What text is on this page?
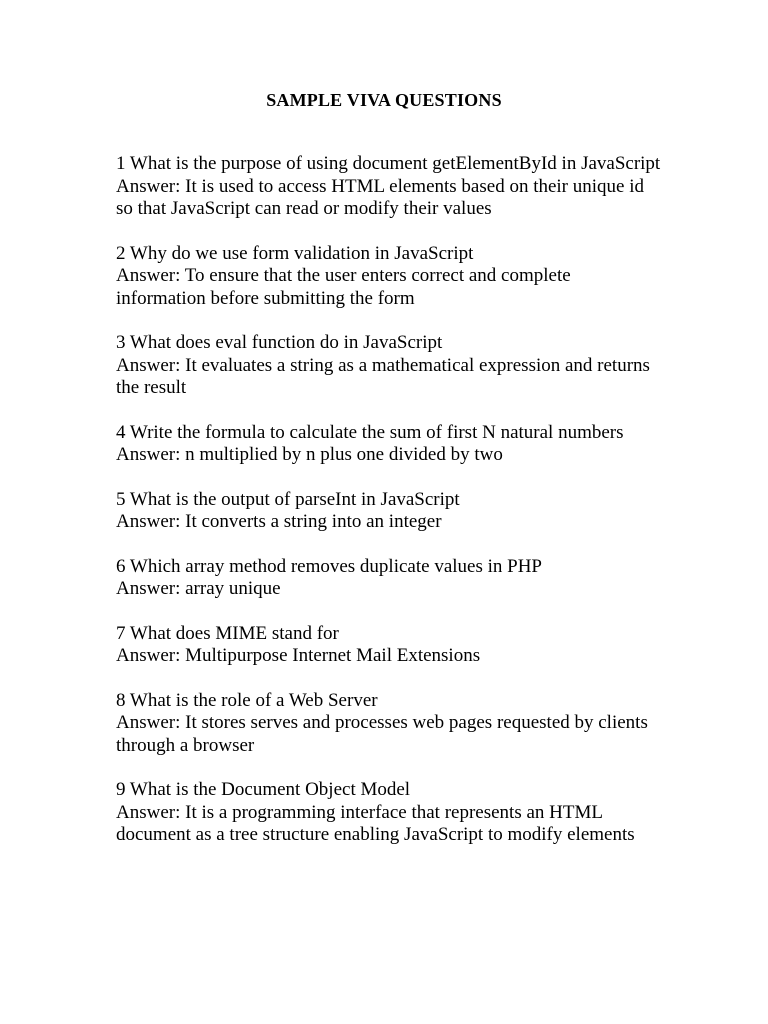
SAMPLE VIVA QUESTIONS
1 What is the purpose of using document getElementById in JavaScript
Answer: It is used to access HTML elements based on their unique id so that JavaScript can read or modify their values
2 Why do we use form validation in JavaScript
Answer: To ensure that the user enters correct and complete information before submitting the form
3 What does eval function do in JavaScript
Answer: It evaluates a string as a mathematical expression and returns the result
4 Write the formula to calculate the sum of first N natural numbers
Answer: n multiplied by n plus one divided by two
5 What is the output of parseInt in JavaScript
Answer: It converts a string into an integer
6 Which array method removes duplicate values in PHP
Answer: array unique
7 What does MIME stand for
Answer: Multipurpose Internet Mail Extensions
8 What is the role of a Web Server
Answer: It stores serves and processes web pages requested by clients through a browser
9 What is the Document Object Model
Answer: It is a programming interface that represents an HTML document as a tree structure enabling JavaScript to modify elements
